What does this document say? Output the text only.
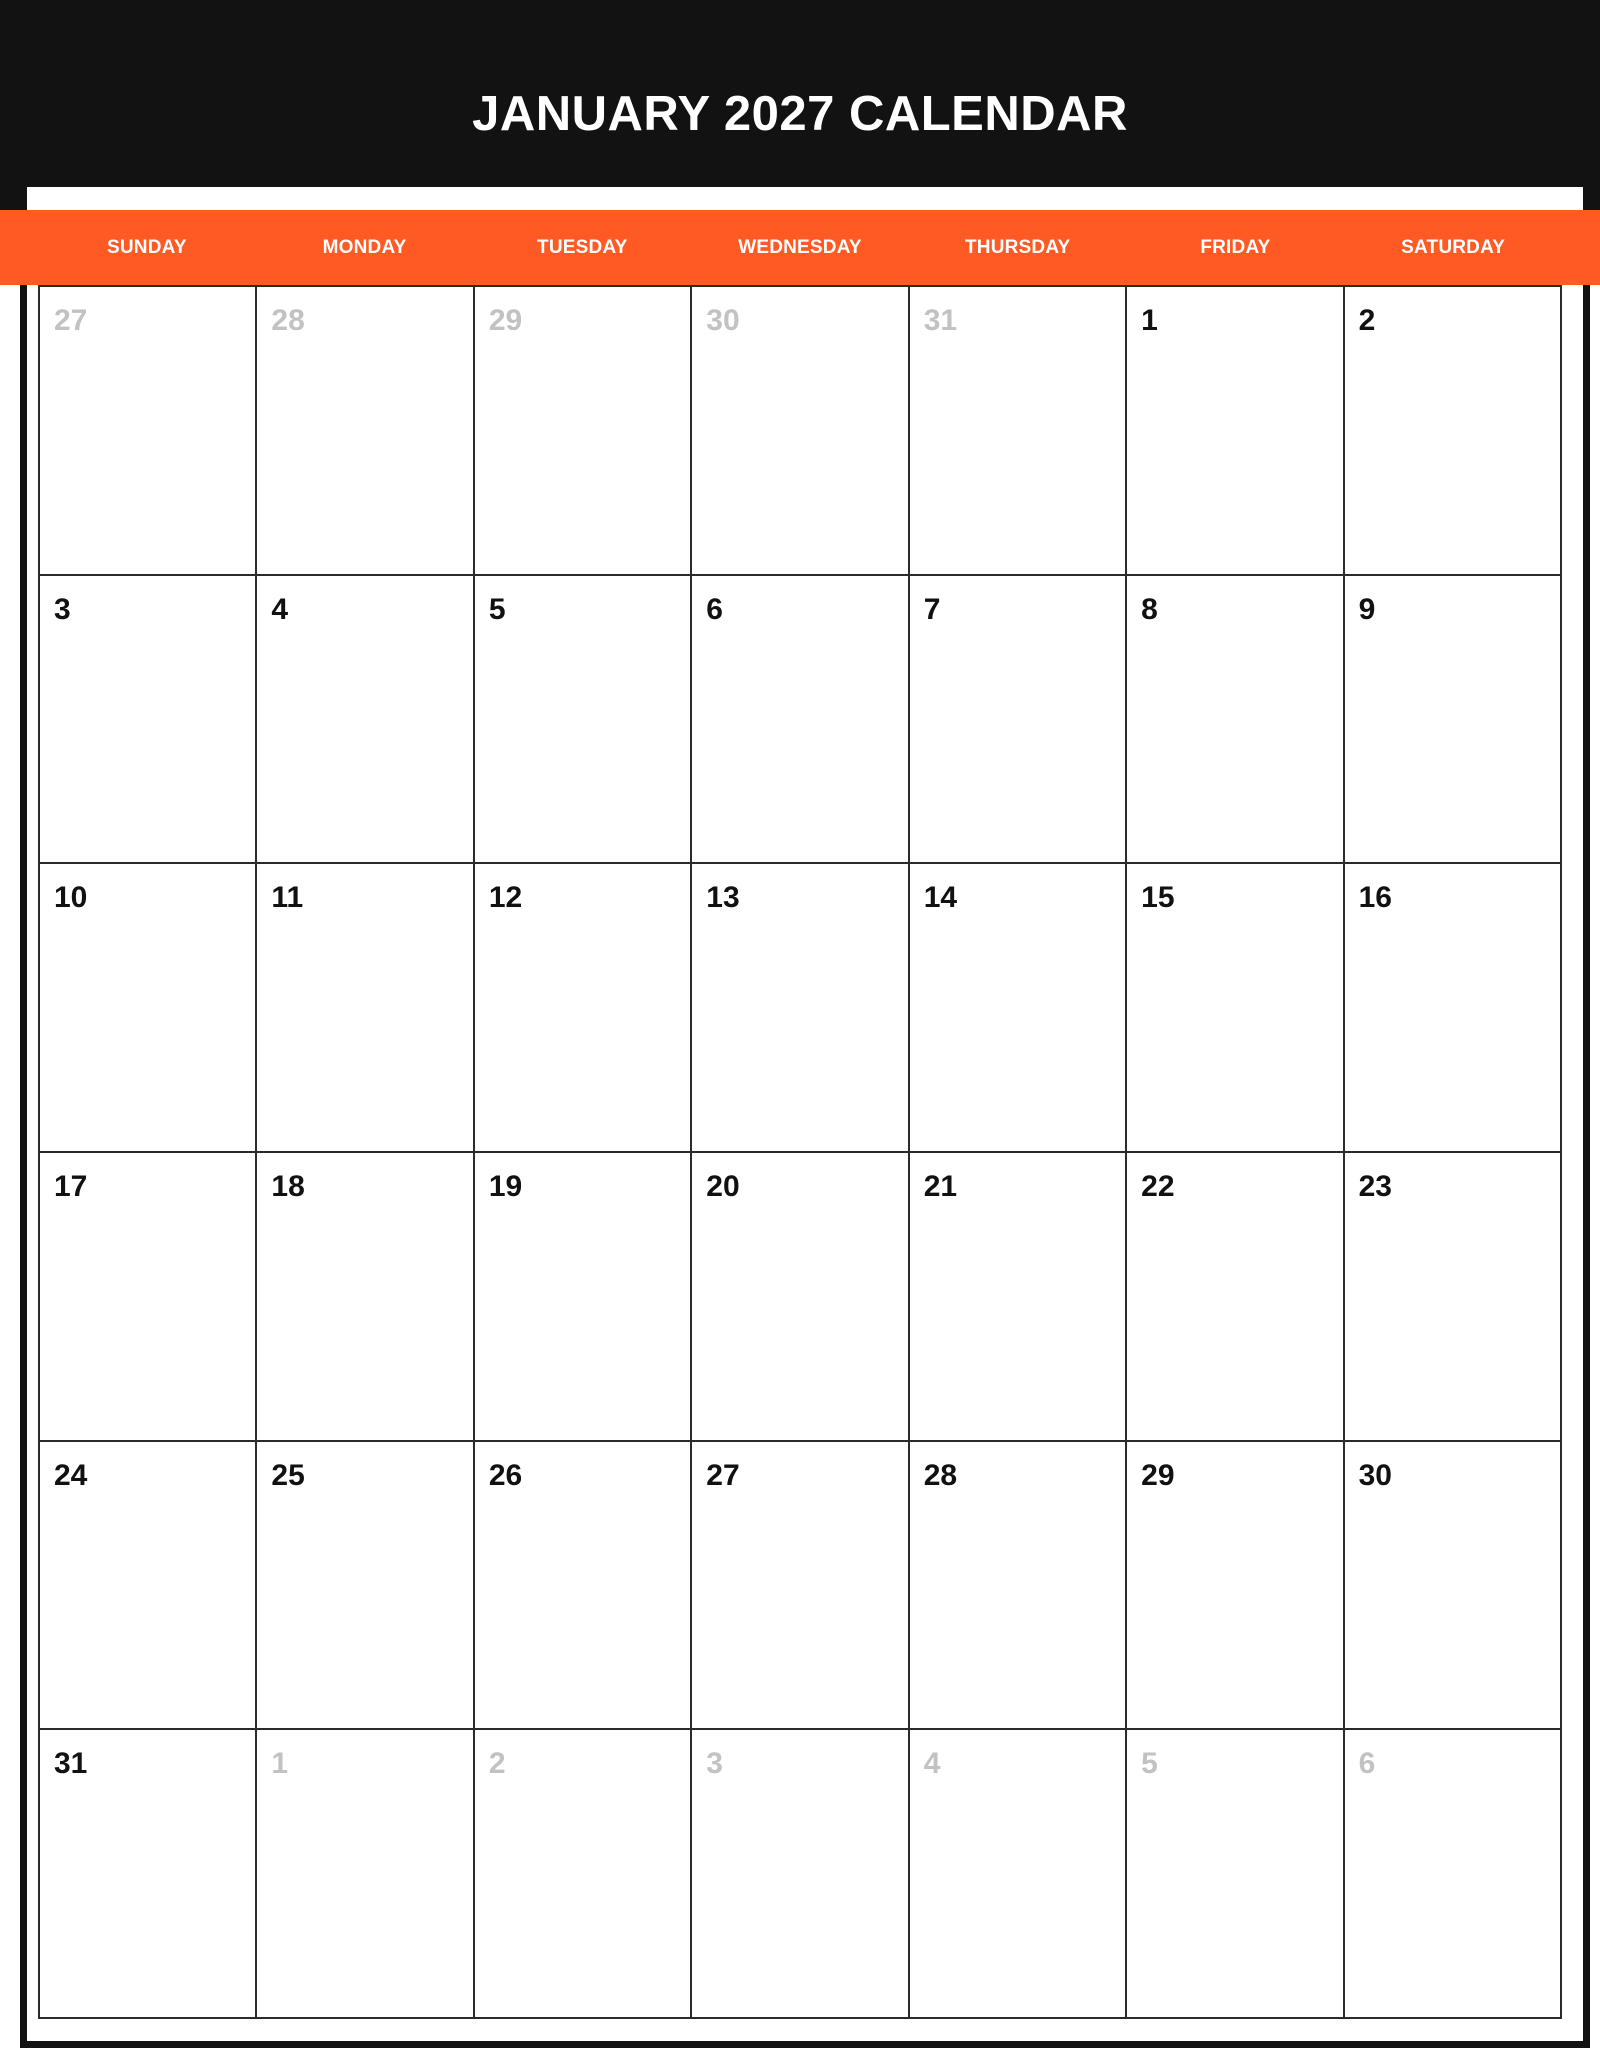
JANUARY 2027 CALENDAR
SUNDAY	MONDAY	TUESDAY	WEDNESDAY	THURSDAY	FRIDAY	SATURDAY
27	28	29	30	31	1	2
3	4	5	6	7	8	9
10	11	12	13	14	15	16
17	18	19	20	21	22	23
24	25	26	27	28	29	30
31	1	2	3	4	5	6
